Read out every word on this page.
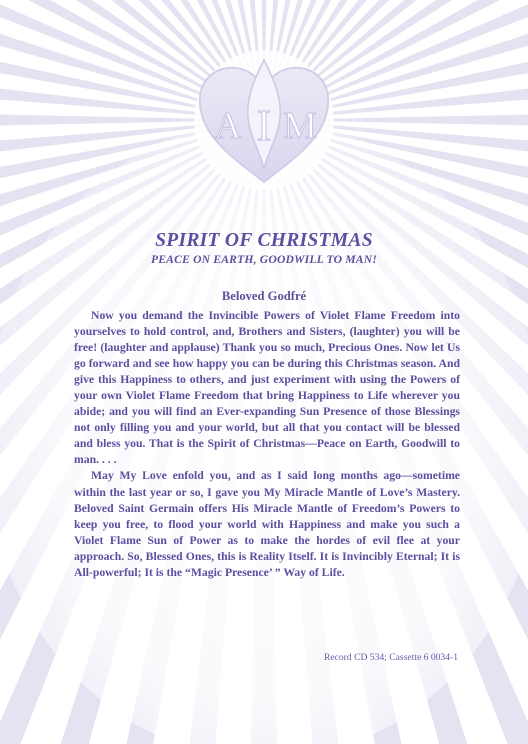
A I M
SPIRIT OF CHRISTMAS
PEACE ON EARTH, GOODWILL TO MAN!
Beloved Godfré

Now you demand the Invincible Powers of Violet Flame Freedom into yourselves to hold control, and, Brothers and Sisters, (laughter) you will be free! (laughter and applause) Thank you so much, Precious Ones. Now let Us go forward and see how happy you can be during this Christmas season. And give this Happiness to others, and just experiment with using the Powers of your own Violet Flame Freedom that bring Happiness to Life wherever you abide; and you will find an Ever-expanding Sun Presence of those Blessings not only filling you and your world, but all that you contact will be blessed and bless you. That is the Spirit of Christmas—Peace on Earth, Goodwill to man. . . .

May My Love enfold you, and as I said long months ago—sometime within the last year or so, I gave you My Miracle Mantle of Love’s Mastery. Beloved Saint Germain offers His Miracle Mantle of Freedom’s Powers to keep you free, to flood your world with Happiness and make you such a Violet Flame Sun of Power as to make the hordes of evil flee at your approach. So, Blessed Ones, this is Reality Itself. It is Invincibly Eternal; It is All-powerful; It is the “Magic Presence’ ” Way of Life.

Record CD 534; Cassette 6 0034-1
